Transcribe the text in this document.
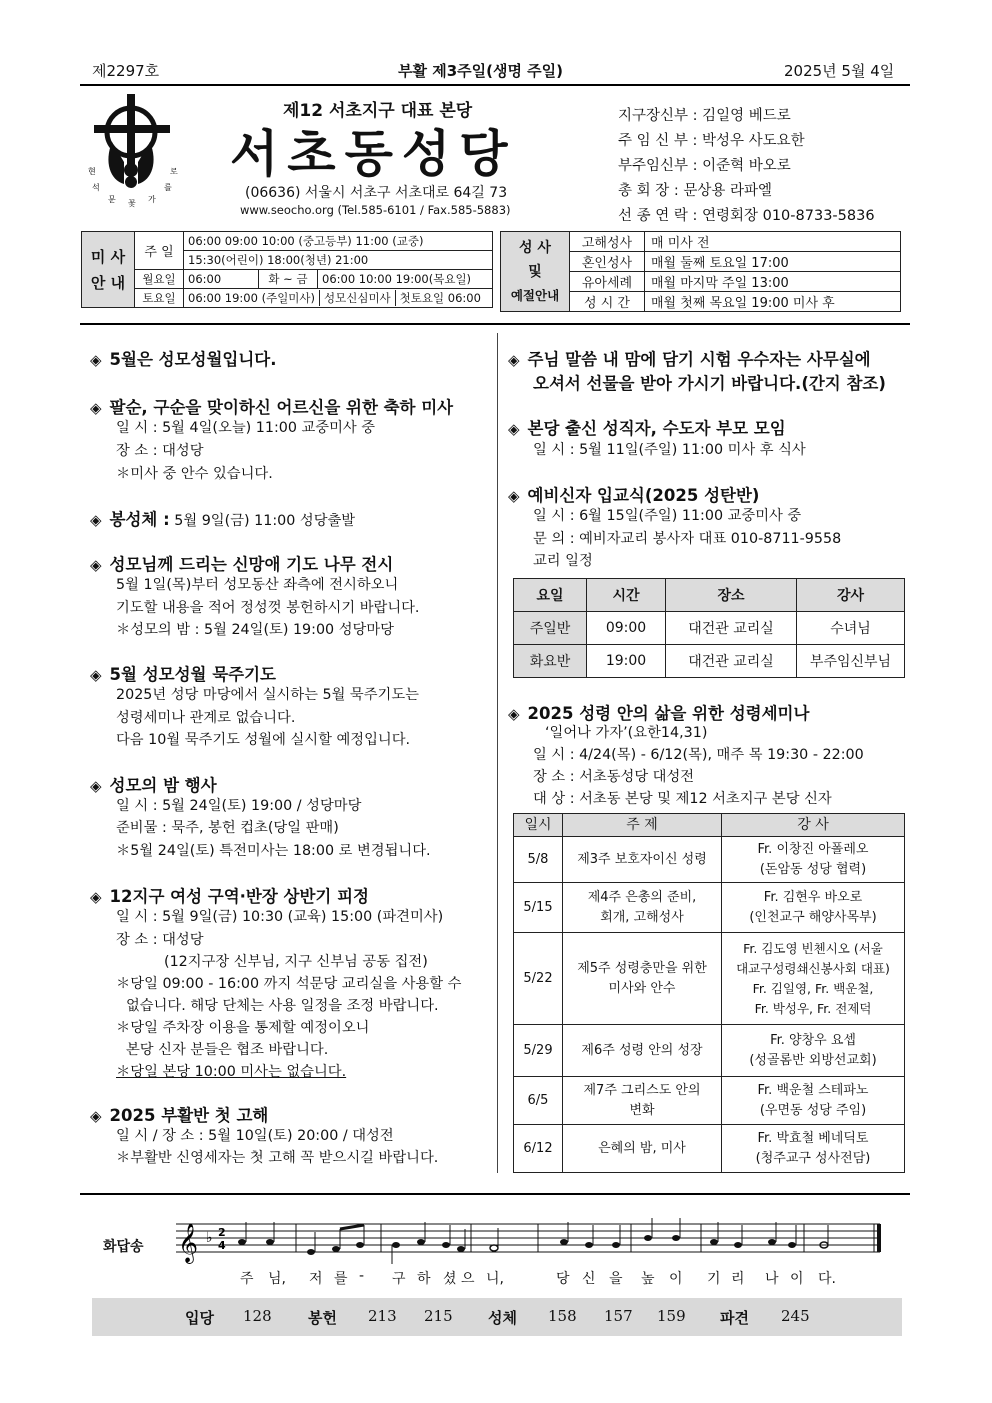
제2297호	부활 제3주일(생명 주일)	2025년 5월 4일
현	로
석	를
문 꽃 가
제12 서초지구 대표 본당
서초동성당
(06636) 서울시 서초구 서초대로 64길 73
www.seocho.org (Tel.585-6101 / Fax.585-5883)
지구장신부 : 김일영 베드로
주 임 신 부 : 박성우 사도요한
부주임신부 : 이준혁 바오로
총 회 장 : 문상용 라파엘
선 종 연 락 : 연령회장 010-8733-5836
미 사
안 내	주 일	06:00 09:00 10:00 (중고등부) 11:00 (교중)		
		15:30(어린이) 18:00(청년) 21:00		
	월요일	06:00	화 ~ 금	06:00 10:00 19:00(목요일)
	토요일	06:00 19:00 (주일미사) 성모신심미사 첫토요일 06:00		
성 사
및
예절안내	고해성사	매 미사 전
	혼인성사	매월 둘째 토요일 17:00
	유아세례	매월 마지막 주일 13:00
	성 시 간	매월 첫째 목요일 19:00 미사 후
◈ 5월은 성모성월입니다.
◈ 팔순, 구순을 맞이하신 어르신을 위한 축하 미사
일 시 : 5월 4일(오늘) 11:00 교중미사 중
장 소 : 대성당
＊미사 중 안수 있습니다.
◈ 봉성체 : 5월 9일(금) 11:00 성당출발
◈ 성모님께 드리는 신망애 기도 나무 전시
5월 1일(목)부터 성모동산 좌측에 전시하오니
기도할 내용을 적어 정성껏 봉헌하시기 바랍니다.
＊성모의 밤 : 5월 24일(토) 19:00 성당마당
◈ 5월 성모성월 묵주기도
2025년 성당 마당에서 실시하는 5월 묵주기도는
성령세미나 관계로 없습니다.
다음 10월 묵주기도 성월에 실시할 예정입니다.
◈ 성모의 밤 행사
일 시 : 5월 24일(토) 19:00 / 성당마당
준비물 : 묵주, 봉헌 컵초(당일 판매)
＊5월 24일(토) 특전미사는 18:00 로 변경됩니다.
◈ 12지구 여성 구역·반장 상반기 피정
일 시 : 5월 9일(금) 10:30 (교육) 15:00 (파견미사)
장 소 : 대성당
(12지구장 신부님, 지구 신부님 공동 집전)
＊당일 09:00 - 16:00 까지 석문당 교리실을 사용할 수
없습니다. 해당 단체는 사용 일정을 조정 바랍니다.
＊당일 주차장 이용을 통제할 예정이오니
본당 신자 분들은 협조 바랍니다.
＊당일 본당 10:00 미사는 없습니다.
◈ 2025 부활반 첫 고해
일 시 / 장 소 : 5월 10일(토) 20:00 / 대성전
＊부활반 신영세자는 첫 고해 꼭 받으시길 바랍니다.
◈ 주님 말씀 내 맘에 담기 시험 우수자는 사무실에
오셔서 선물을 받아 가시기 바랍니다.(간지 참조)
◈ 본당 출신 성직자, 수도자 부모 모임
일 시 : 5월 11일(주일) 11:00 미사 후 식사
◈ 예비신자 입교식(2025 성탄반)
일 시 : 6월 15일(주일) 11:00 교중미사 중
문 의 : 예비자교리 봉사자 대표 010-8711-9558
교리 일정
요일	시간	장소	강사
주일반	09:00	대건관 교리실	수녀님
화요반	19:00	대건관 교리실	부주임신부님
◈ 2025 성령 안의 삶을 위한 성령세미나
‘일어나 가자’(요한14,31)
일 시 : 4/24(목) - 6/12(목), 매주 목 19:30 - 22:00
장 소 : 서초동성당 대성전
대 상 : 서초동 본당 및 제12 서초지구 본당 신자
일시	주 제	강 사
5/8	제3주 보호자이신 성령	Fr. 이창진 아폴레오
(돈암동 성당 협력)
5/15	제4주 은총의 준비,
회개, 고해성사	Fr. 김현우 바오로
(인천교구 해양사목부)
5/22	제5주 성령충만을 위한
미사와 안수	Fr. 김도영 빈첸시오 (서울
대교구성령쇄신봉사회 대표)
Fr. 김일영, Fr. 백운철,
Fr. 박성우, Fr. 전제덕
5/29	제6주 성령 안의 성장	Fr. 양창우 요셉
(성골롬반 외방선교회)
6/5	제7주 그리스도 안의
변화	Fr. 백운철 스테파노
(우면동 성당 주임)
6/12	은혜의 밤, 미사	Fr. 박효철 베네딕토
(청주교구 성사전담)
화답송 𝄞 ♭ 2
4
주 님, 저 를 - 구 하 셨 으 니,	당 신 을 높 이 기 리 나 이 다.
입당 128 봉헌 213 215 성체 158 157 159 파견 245
